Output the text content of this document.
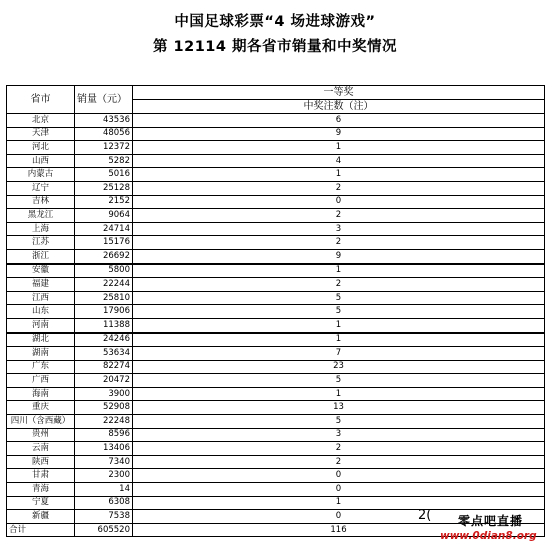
中国足球彩票“4 场进球游戏”
第 12114 期各省市销量和中奖情况
省市	销量（元）	一等奖
		中奖注数（注）
北京	43536	6
天津	48056	9
河北	12372	1
山西	5282	4
内蒙古	5016	1
辽宁	25128	2
吉林	2152	0
黑龙江	9064	2
上海	24714	3
江苏	15176	2
浙江	26692	9
安徽	5800	1
福建	22244	2
江西	25810	5
山东	17906	5
河南	11388	1
湖北	24246	1
湖南	53634	7
广东	82274	23
广西	20472	5
海南	3900	1
重庆	52908	13
四川（含西藏）	22248	5
贵州	8596	3
云南	13406	2
陕西	7340	2
甘肃	2300	0
青海	14	0
宁夏	6308	1
新疆	7538	0
合计	605520	116
2( 零点吧直播
www.0dian8.org
